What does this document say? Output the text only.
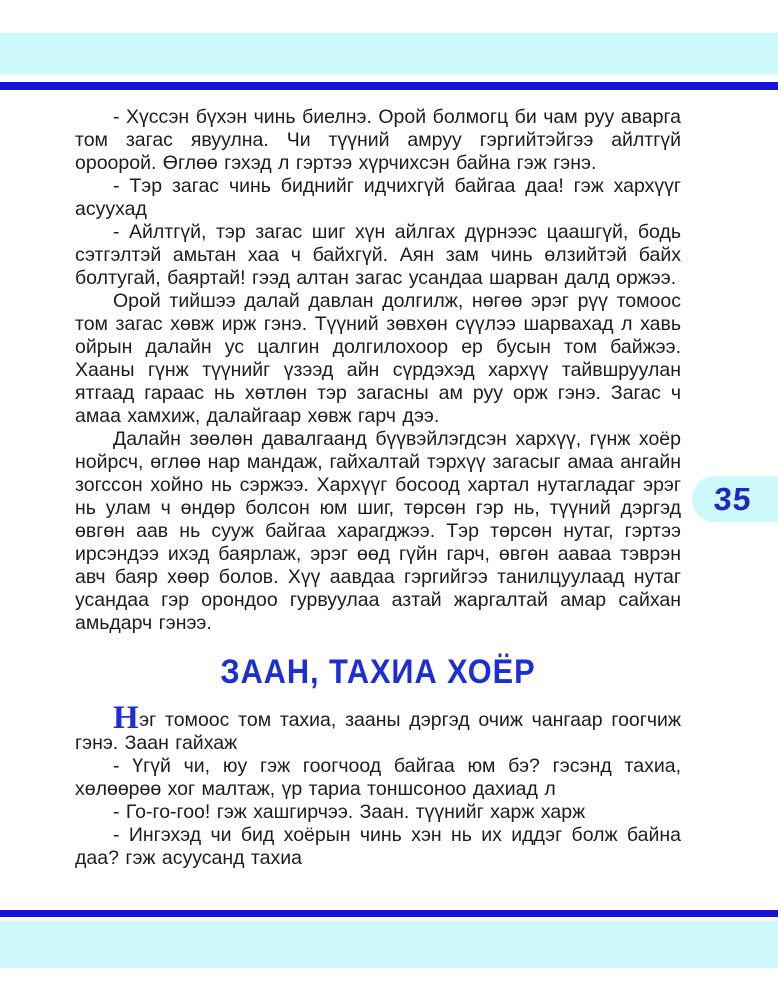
- Хүссэн бүхэн чинь биелнэ. Орой болмогц би чам руу аварга том загас явуулна. Чи түүний амруу гэргийтэйгээ айлтгүй ороорой. Өглөө гэхэд л гэртээ хүрчихсэн байна гэж гэнэ.

- Тэр загас чинь биднийг идчихгүй байгаа даа! гэж хархүүг асуухад

- Айлтгүй, тэр загас шиг хүн айлгах дүрнээс цаашгүй, бодь сэтгэлтэй амьтан хаа ч байхгүй. Аян зам чинь өлзийтэй байх болтугай, баяртай! гээд алтан загас усандаа шарван далд оржээ.

Орой тийшээ далай давлан долгилж, нөгөө эрэг рүү томоос том загас хөвж ирж гэнэ. Түүний зөвхөн сүүлээ шарвахад л хавь ойрын далайн ус цалгин долгилохоор ер бусын том байжээ. Хааны гүнж түүнийг үзээд айн сүрдэхэд хархүү тайвшруулан ятгаад гараас нь хөтлөн тэр загасны ам руу орж гэнэ. Загас ч амаа хамхиж, далайгаар хөвж гарч дээ.

Далайн зөөлөн давалгаанд бүүвэйлэгдсэн хархүү, гүнж хоёр нойрсч, өглөө нар мандаж, гайхалтай тэрхүү загасыг амаа ангайн зогссон хойно нь сэржээ. Хархүүг босоод хартал нутагладаг эрэг нь улам ч өндөр болсон юм шиг, төрсөн гэр нь, түүний дэргэд өвгөн аав нь сууж байгаа харагджээ. Тэр төрсөн нутаг, гэртээ ирсэндээ ихэд баярлаж, эрэг өөд гүйн гарч, өвгөн ааваа тэврэн авч баяр хөөр болов. Хүү аавдаа гэргийгээ танилцуулаад нутаг усандаа гэр орондоо гурвуулаа азтай жаргалтай амар сайхан амьдарч гэнээ.

ЗААН, ТАХИА ХОЁР

Нэг томоос том тахиа, зааны дэргэд очиж чангаар гоогчиж гэнэ. Заан гайхаж

- Үгүй чи, юу гэж гоогчоод байгаа юм бэ? гэсэнд тахиа, хөлөөрөө хог малтаж, үр тариа тоншсоноо дахиад л

- Го-го-гоо! гэж хашгирчээ. Заан. түүнийг харж харж

- Ингэхэд чи бид хоёрын чинь хэн нь их иддэг болж байна даа? гэж асуусанд тахиа

35
